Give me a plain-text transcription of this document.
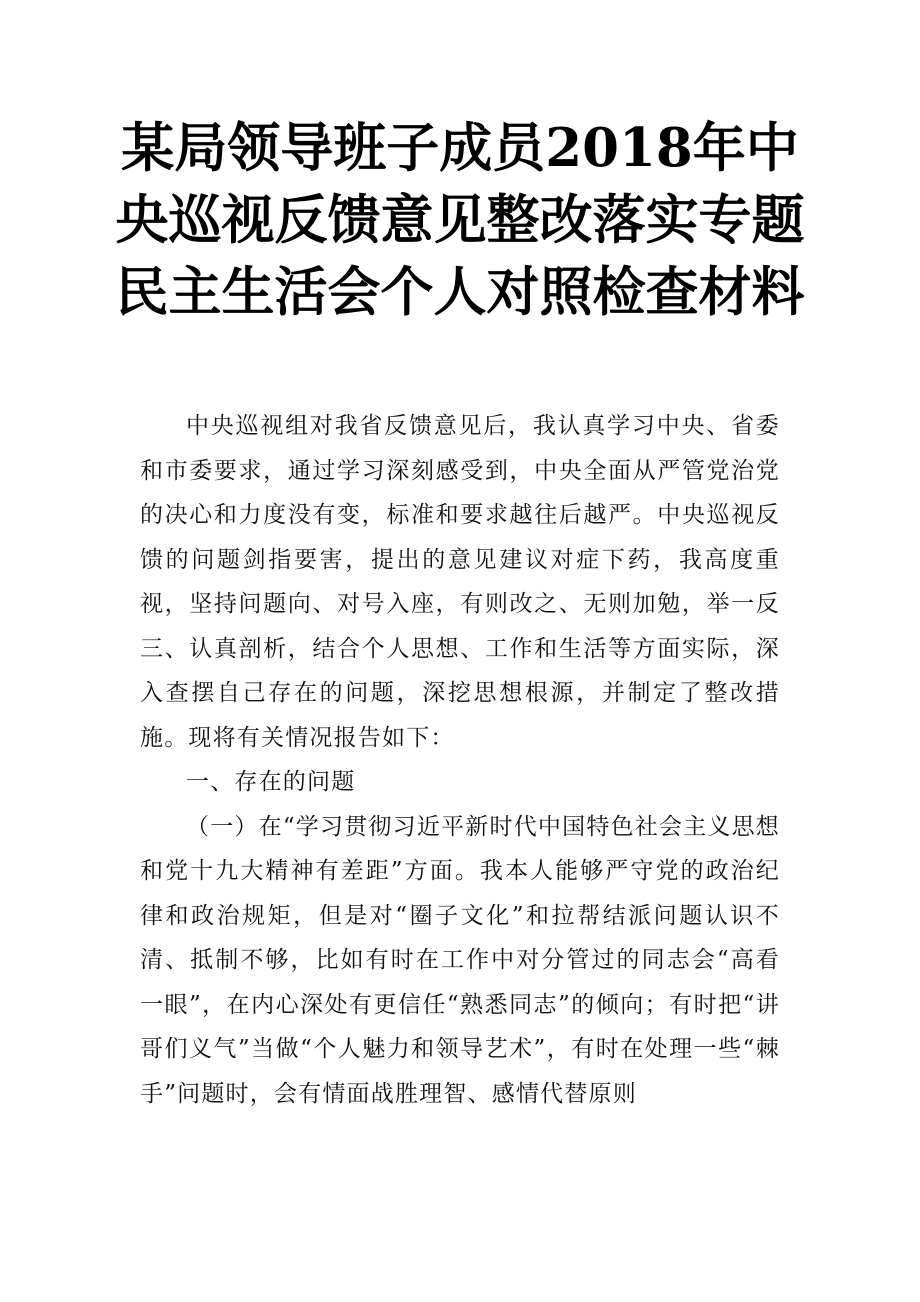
某局领导班子成员2018年中央巡视反馈意见整改落实专题民主生活会个人对照检查材料

中央巡视组对我省反馈意见后，我认真学习中央、省委和市委要求，通过学习深刻感受到，中央全面从严管党治党的决心和力度没有变，标准和要求越往后越严。中央巡视反馈的问题剑指要害，提出的意见建议对症下药，我高度重视，坚持问题向、对号入座，有则改之、无则加勉，举一反三、认真剖析，结合个人思想、工作和生活等方面实际，深入查摆自己存在的问题，深挖思想根源，并制定了整改措施。现将有关情况报告如下：

一、存在的问题

（一）在“学习贯彻习近平新时代中国特色社会主义思想和党十九大精神有差距”方面。我本人能够严守党的政治纪律和政治规矩，但是对“圈子文化”和拉帮结派问题认识不清、抵制不够，比如有时在工作中对分管过的同志会“高看一眼”，在内心深处有更信任“熟悉同志”的倾向；有时把“讲哥们义气”当做“个人魅力和领导艺术”，有时在处理一些“棘手”问题时，会有情面战胜理智、感情代替原则
